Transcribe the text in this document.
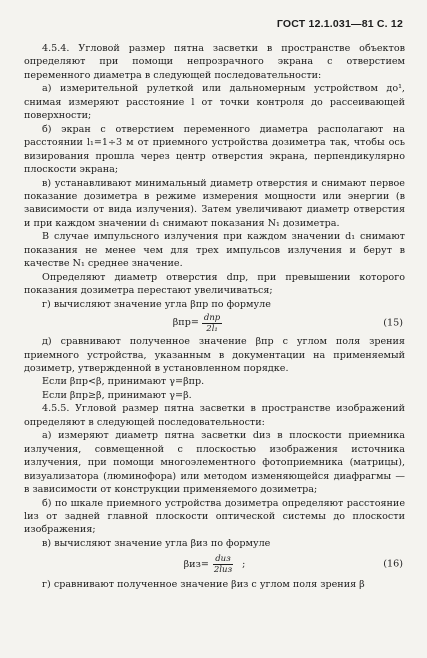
ГОСТ 12.1.031—81 С. 12

4.5.4. Угловой размер пятна засветки в пространстве объектов определяют при помощи непрозрачного экрана с отверстием переменного диаметра в следующей последовательности:

а) измерительной рулеткой или дальномерным устройством до¹, снимая измеряют расстояние l от точки контроля до рассеивающей поверхности;

б) экран с отверстием переменного диаметра располагают на расстоянии l₁=1÷3 м от приемного устройства дозиметра так, чтобы ось визирования прошла через центр отверстия экрана, перпендикулярно плоскости экрана;

в) устанавливают минимальный диаметр отверстия и снимают первое показание дозиметра в режиме измерения мощности или энергии (в зависимости от вида излучения). Затем увеличивают диаметр отверстия и при каждом значении d₁ снимают показания N₁ дозиметра.

В случае импульсного излучения при каждом значении d₁ снимают показания не менее чем для трех импульсов излучения и берут в качестве N₁ среднее значение.

Определяют диаметр отверстия dпр, при превышении которого показания дозиметра перестают увеличиваться;

г) вычисляют значение угла βпр по формуле

$\beta пр= \frac{\text{dпр}}{\text{2l₁}}$	(15)

д) сравнивают полученное значение βпр с углом поля зрения приемного устройства, указанным в документации на применяемый дозиметр, утвержденной в установленном порядке.

Если βпр<β, принимают γ=βпр.

Если βпр≥β, принимают γ=β.

4.5.5. Угловой размер пятна засветки в пространстве изображений определяют в следующей последовательности:

а) измеряют диаметр пятна засветки dиз в плоскости приемника излучения, совмещенной с плоскостью изображения источника излучения, при помощи многоэлементного фотоприемника (матрицы), визуализатора (люминофора) или методом изменяющейся диафрагмы — в зависимости от конструкции применяемого дозиметра;

б) по шкале приемного устройства дозиметра определяют расстояние lиз от задней главной плоскости оптической системы до плоскости изображения;

в) вычисляют значение угла βиз по формуле

$\beta из= \frac{\text{dиз}}{\text{2lиз}}$ ;	(16)

г) сравнивают полученное значение βиз с углом поля зрения β
